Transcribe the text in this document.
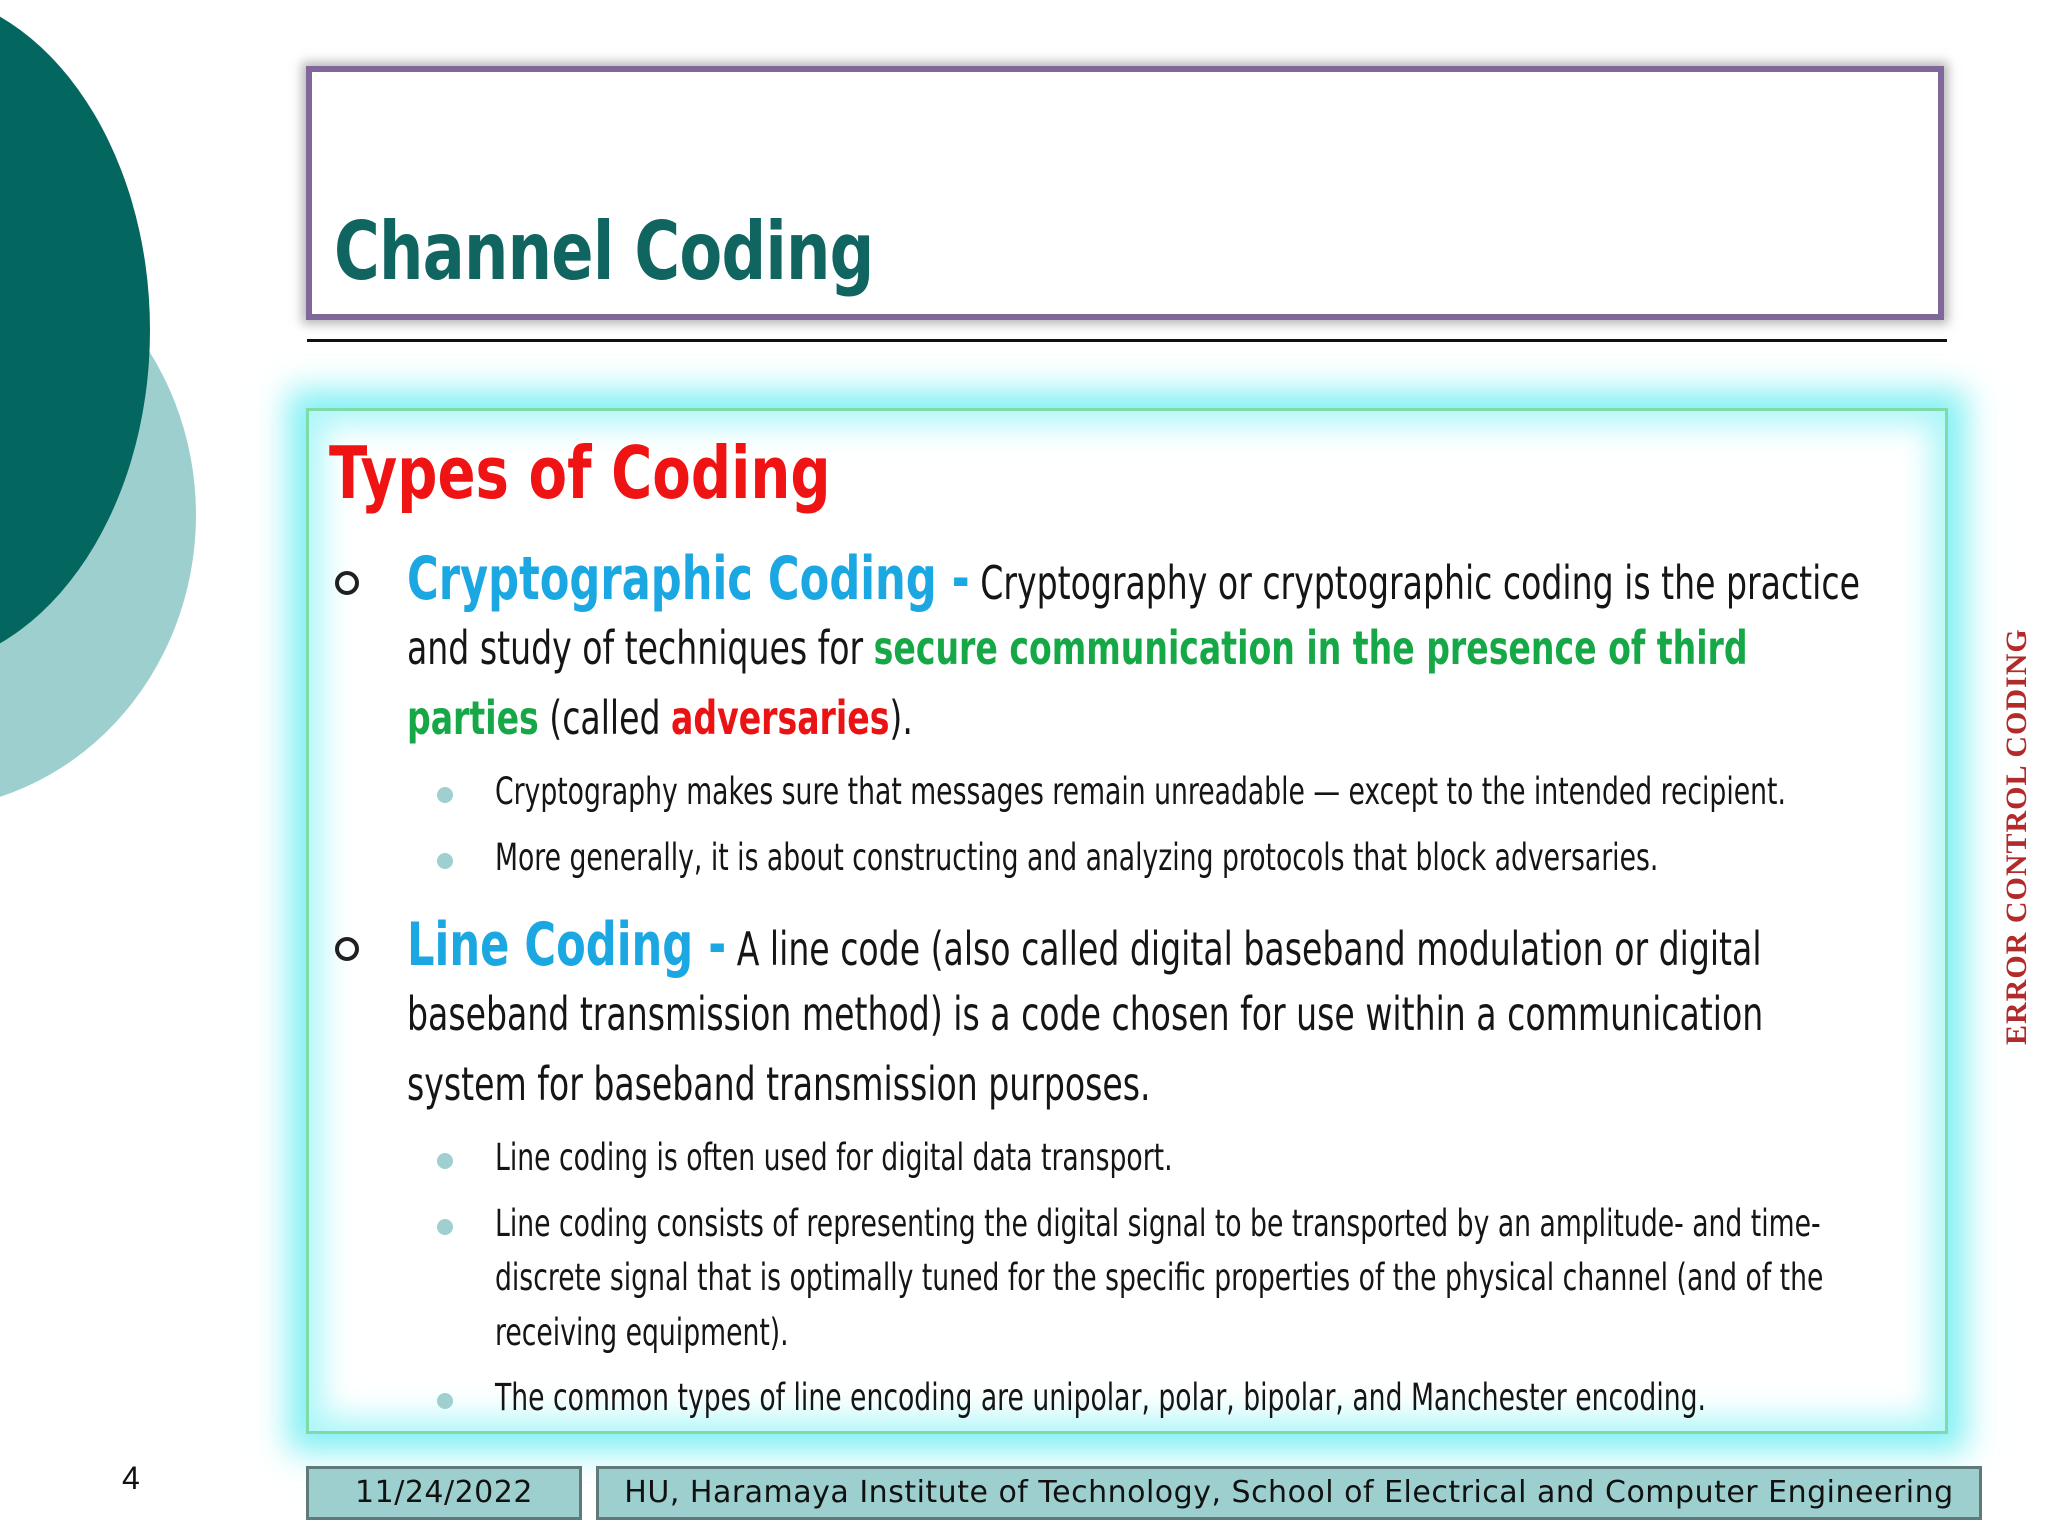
Channel Coding
Types of Coding
Cryptographic Coding - Cryptography or cryptographic coding is the practice
and study of techniques for secure communication in the presence of third
parties (called adversaries).
Cryptography makes sure that messages remain unreadable — except to the intended recipient.
More generally, it is about constructing and analyzing protocols that block adversaries.
Line Coding - A line code (also called digital baseband modulation or digital
baseband transmission method) is a code chosen for use within a communication
system for baseband transmission purposes.
Line coding is often used for digital data transport.
Line coding consists of representing the digital signal to be transported by an amplitude- and time-
discrete signal that is optimally tuned for the specific properties of the physical channel (and of the
receiving equipment).
The common types of line encoding are unipolar, polar, bipolar, and Manchester encoding.
ERROR CONTROL CODING
4	11/24/2022	HU, Haramaya Institute of Technology, School of Electrical and Computer Engineering
